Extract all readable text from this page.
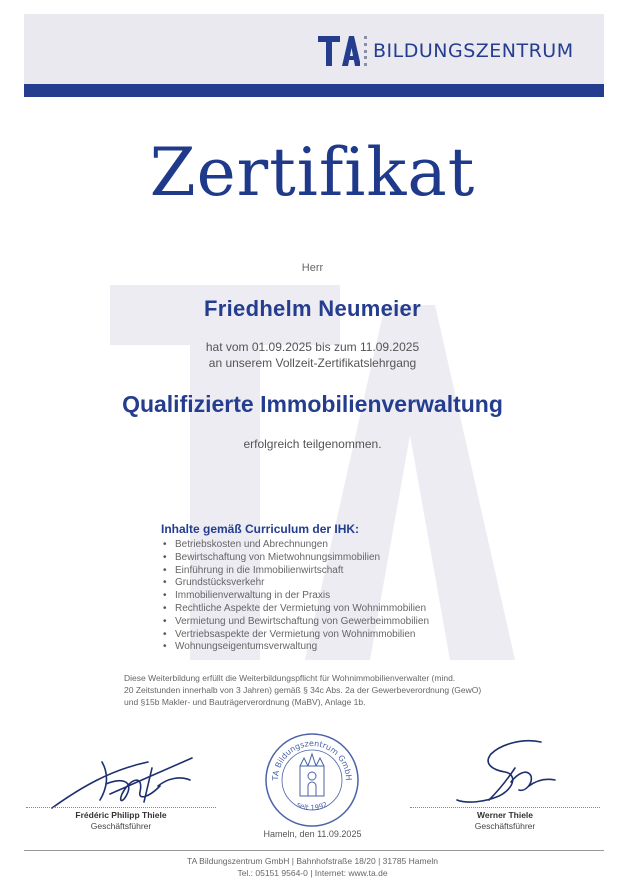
BILDUNGSZENTRUM
Zertifikat
Herr
Friedhelm Neumeier
hat vom 01.09.2025 bis zum 11.09.2025
an unserem Vollzeit-Zertifikatslehrgang
Qualifizierte Immobilienverwaltung
erfolgreich teilgenommen.
Inhalte gemäß Curriculum der IHK:
• Betriebskosten und Abrechnungen
• Bewirtschaftung von Mietwohnungsimmobilien
• Einführung in die Immobilienwirtschaft
• Grundstücksverkehr
• Immobilienverwaltung in der Praxis
• Rechtliche Aspekte der Vermietung von Wohnimmobilien
• Vermietung und Bewirtschaftung von Gewerbeimmobilien
• Vertriebsaspekte der Vermietung von Wohnimmobilien
• Wohnungseigentumsverwaltung
Diese Weiterbildung erfüllt die Weiterbildungspflicht für Wohnimmobilienverwalter (mind.
20 Zeitstunden innerhalb von 3 Jahren) gemäß § 34c Abs. 2a der Gewerbeverordnung (GewO)
und §15b Makler- und Bauträgerverordnung (MaBV), Anlage 1b.
Frédéric Philipp Thiele
Geschäftsführer
Werner Thiele
Geschäftsführer
TA Bildungszentrum GmbH
seit 1992
Hameln, den 11.09.2025
TA Bildungszentrum GmbH | Bahnhofstraße 18/20 | 31785 Hameln
Tel.: 05151 9564-0 | Internet: www.ta.de
